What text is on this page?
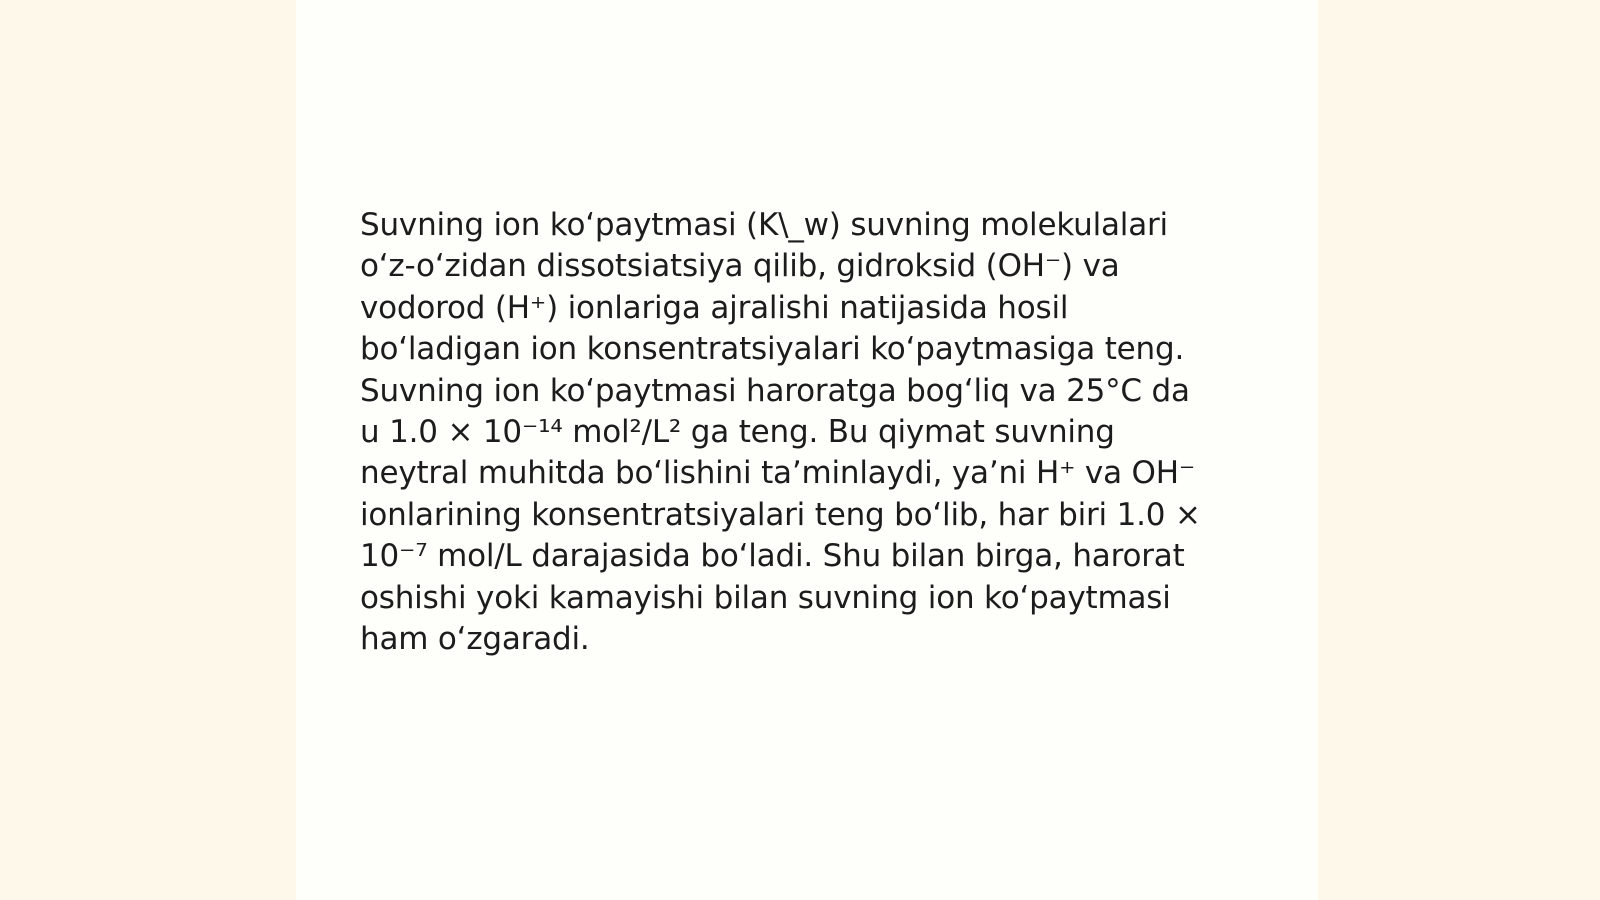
Suvning ion koʻpaytmasi (K\_w) suvning molekulalari
oʻz-oʻzidan dissotsiatsiya qilib, gidroksid (OH⁻) va
vodorod (H⁺) ionlariga ajralishi natijasida hosil
boʻladigan ion konsentratsiyalari koʻpaytmasiga teng.
Suvning ion koʻpaytmasi haroratga bogʻliq va 25°C da
u 1.0 × 10⁻¹⁴ mol²/L² ga teng. Bu qiymat suvning
neytral muhitda boʻlishini taʼminlaydi, yaʼni H⁺ va OH⁻
ionlarining konsentratsiyalari teng boʻlib, har biri 1.0 ×
10⁻⁷ mol/L darajasida boʻladi. Shu bilan birga, harorat
oshishi yoki kamayishi bilan suvning ion koʻpaytmasi
ham oʻzgaradi.
